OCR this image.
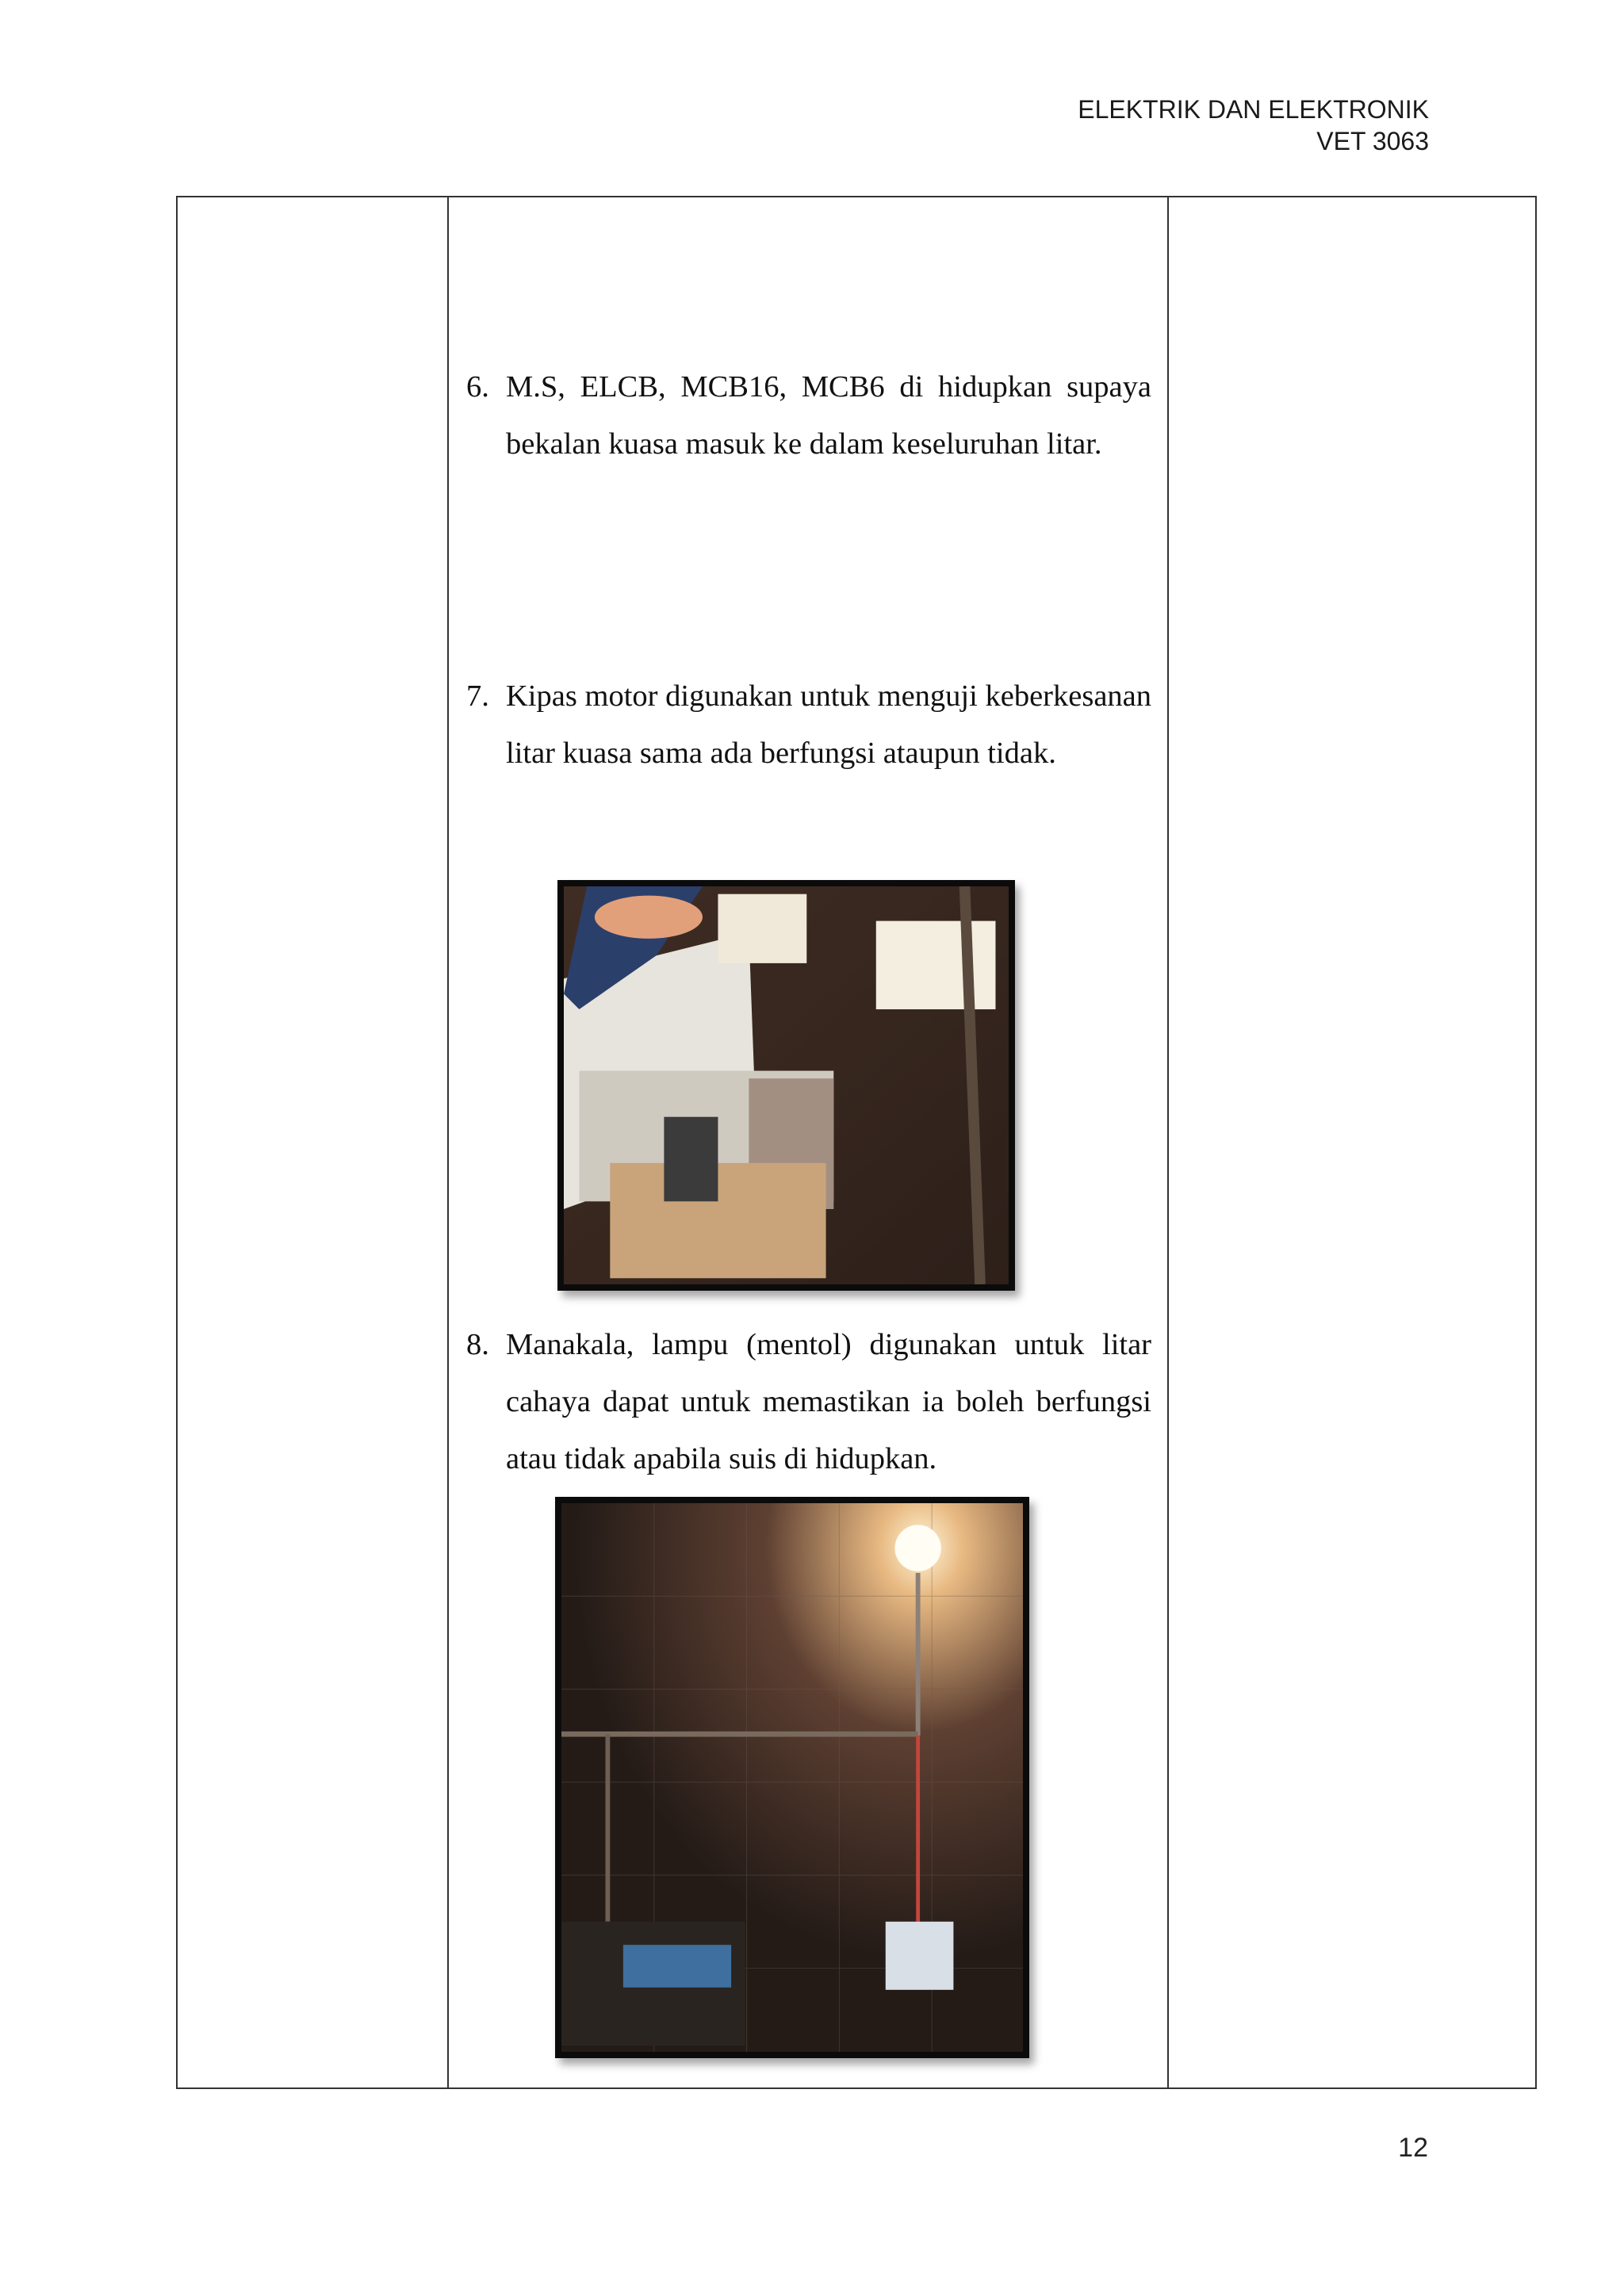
ELEKTRIK DAN ELEKTRONIK
VET 3063
6. M.S, ELCB, MCB16, MCB6 di hidupkan supaya bekalan kuasa masuk ke dalam keseluruhan litar.
7. Kipas motor digunakan untuk menguji keberkesanan litar kuasa sama ada berfungsi ataupun tidak.
8. Manakala, lampu (mentol) digunakan untuk litar cahaya dapat untuk memastikan ia boleh berfungsi atau tidak apabila suis di hidupkan.
12
